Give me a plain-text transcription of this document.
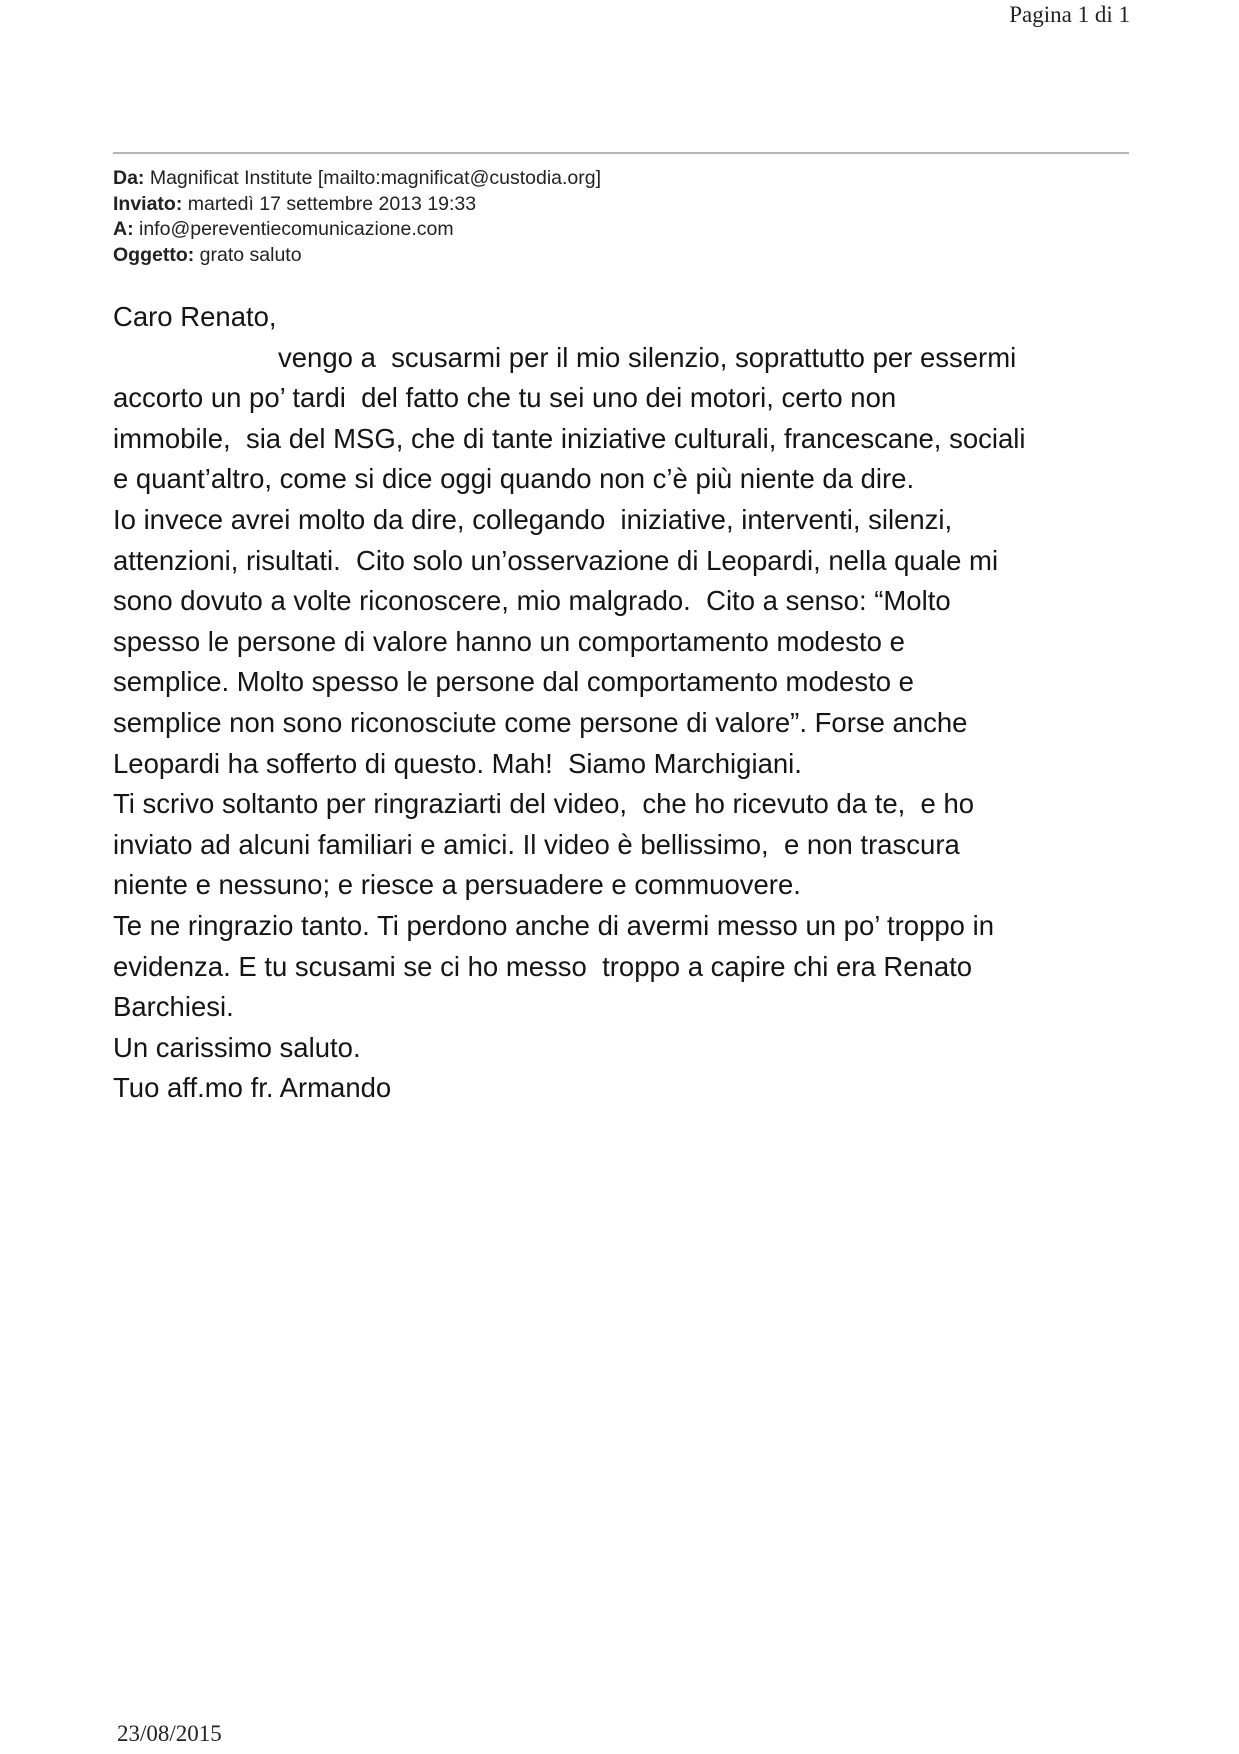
Pagina 1 di 1
Da: Magnificat Institute [mailto:magnificat@custodia.org]
Inviato: martedì 17 settembre 2013 19:33
A: info@pereventiecomunicazione.com
Oggetto: grato saluto
Caro Renato,
vengo a  scusarmi per il mio silenzio, soprattutto per essermi
accorto un po’ tardi  del fatto che tu sei uno dei motori, certo non
immobile,  sia del MSG, che di tante iniziative culturali, francescane, sociali
e quant’altro, come si dice oggi quando non c’è più niente da dire.
Io invece avrei molto da dire, collegando  iniziative, interventi, silenzi,
attenzioni, risultati.  Cito solo un’osservazione di Leopardi, nella quale mi
sono dovuto a volte riconoscere, mio malgrado.  Cito a senso: “Molto
spesso le persone di valore hanno un comportamento modesto e
semplice. Molto spesso le persone dal comportamento modesto e
semplice non sono riconosciute come persone di valore”. Forse anche
Leopardi ha sofferto di questo. Mah!  Siamo Marchigiani.
Ti scrivo soltanto per ringraziarti del video,  che ho ricevuto da te,  e ho
inviato ad alcuni familiari e amici. Il video è bellissimo,  e non trascura
niente e nessuno; e riesce a persuadere e commuovere.
Te ne ringrazio tanto. Ti perdono anche di avermi messo un po’ troppo in
evidenza. E tu scusami se ci ho messo  troppo a capire chi era Renato
Barchiesi.
Un carissimo saluto.
Tuo aff.mo fr. Armando
23/08/2015
